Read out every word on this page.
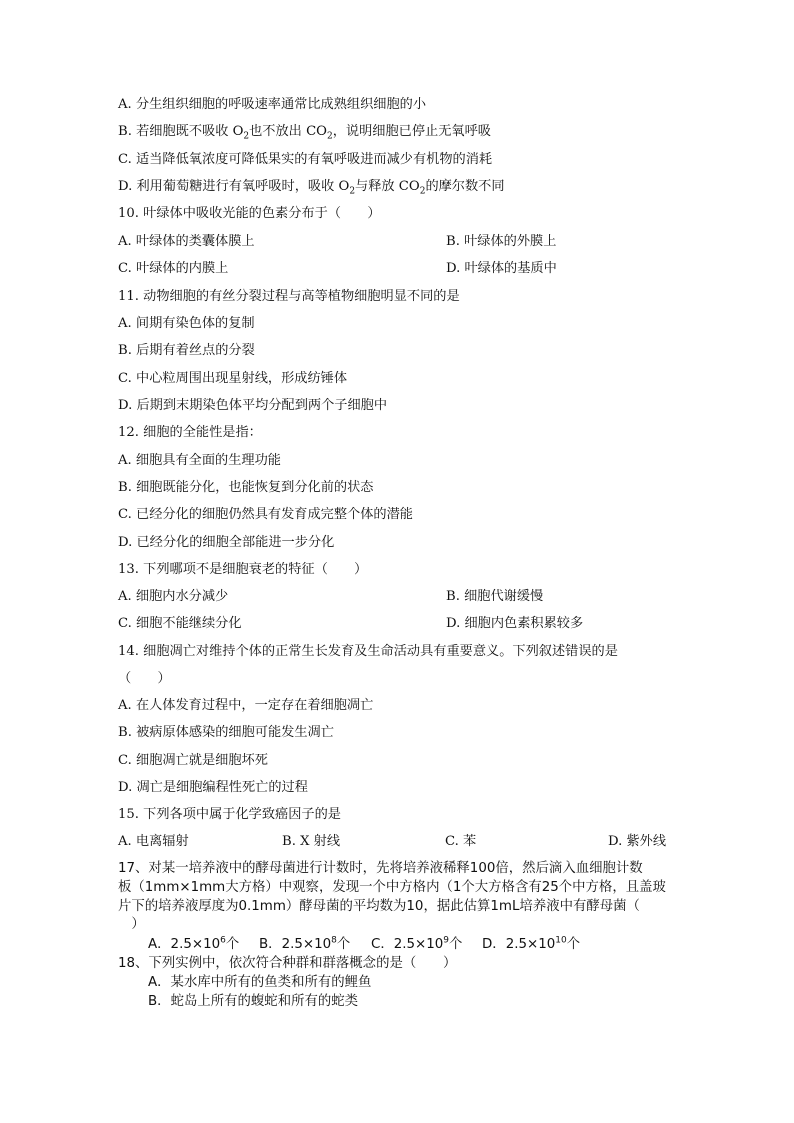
A. 分生组织细胞的呼吸速率通常比成熟组织细胞的小
B. 若细胞既不吸收 $O_2$也不放出 $CO_2$，说明细胞已停止无氧呼吸
C. 适当降低氧浓度可降低果实的有氧呼吸进而减少有机物的消耗
D. 利用葡萄糖进行有氧呼吸时，吸收 $O_2$与释放 $CO_2$的摩尔数不同
10. 叶绿体中吸收光能的色素分布于（　　）
A. 叶绿体的类囊体膜上	B. 叶绿体的外膜上
C. 叶绿体的内膜上	D. 叶绿体的基质中
11. 动物细胞的有丝分裂过程与高等植物细胞明显不同的是
A. 间期有染色体的复制
B. 后期有着丝点的分裂
C. 中心粒周围出现星射线，形成纺锤体
D. 后期到末期染色体平均分配到两个子细胞中
12. 细胞的全能性是指：
A. 细胞具有全面的生理功能
B. 细胞既能分化，也能恢复到分化前的状态
C. 已经分化的细胞仍然具有发育成完整个体的潜能
D. 已经分化的细胞全部能进一步分化
13. 下列哪项不是细胞衰老的特征（　　）
A. 细胞内水分减少	B. 细胞代谢缓慢
C. 细胞不能继续分化	D. 细胞内色素积累较多
14. 细胞凋亡对维持个体的正常生长发育及生命活动具有重要意义。下列叙述错误的是
（　　）
A. 在人体发育过程中，一定存在着细胞凋亡
B. 被病原体感染的细胞可能发生凋亡
C. 细胞凋亡就是细胞坏死
D. 凋亡是细胞编程性死亡的过程
15. 下列各项中属于化学致癌因子的是
A. 电离辐射	B. X 射线	C. 苯	D. 紫外线
17、对某一培养液中的酵母菌进行计数时，先将培养液稀释100倍，然后滴入血细胞计数
板（1mm×1mm大方格）中观察，发现一个中方格内（1个大方格含有25个中方格，且盖玻
片下的培养液厚度为0.1mm）酵母菌的平均数为10，据此估算1mL培养液中有酵母菌（
　）
A．$2.5\times 10^6$个 B．$2.5\times 10^8$个 C．$2.5\times 10^9$个 D．$2.5\times 10^{10}$个
18、下列实例中，依次符合种群和群落概念的是（　　）
A．某水库中所有的鱼类和所有的鲤鱼
B．蛇岛上所有的蝮蛇和所有的蛇类
